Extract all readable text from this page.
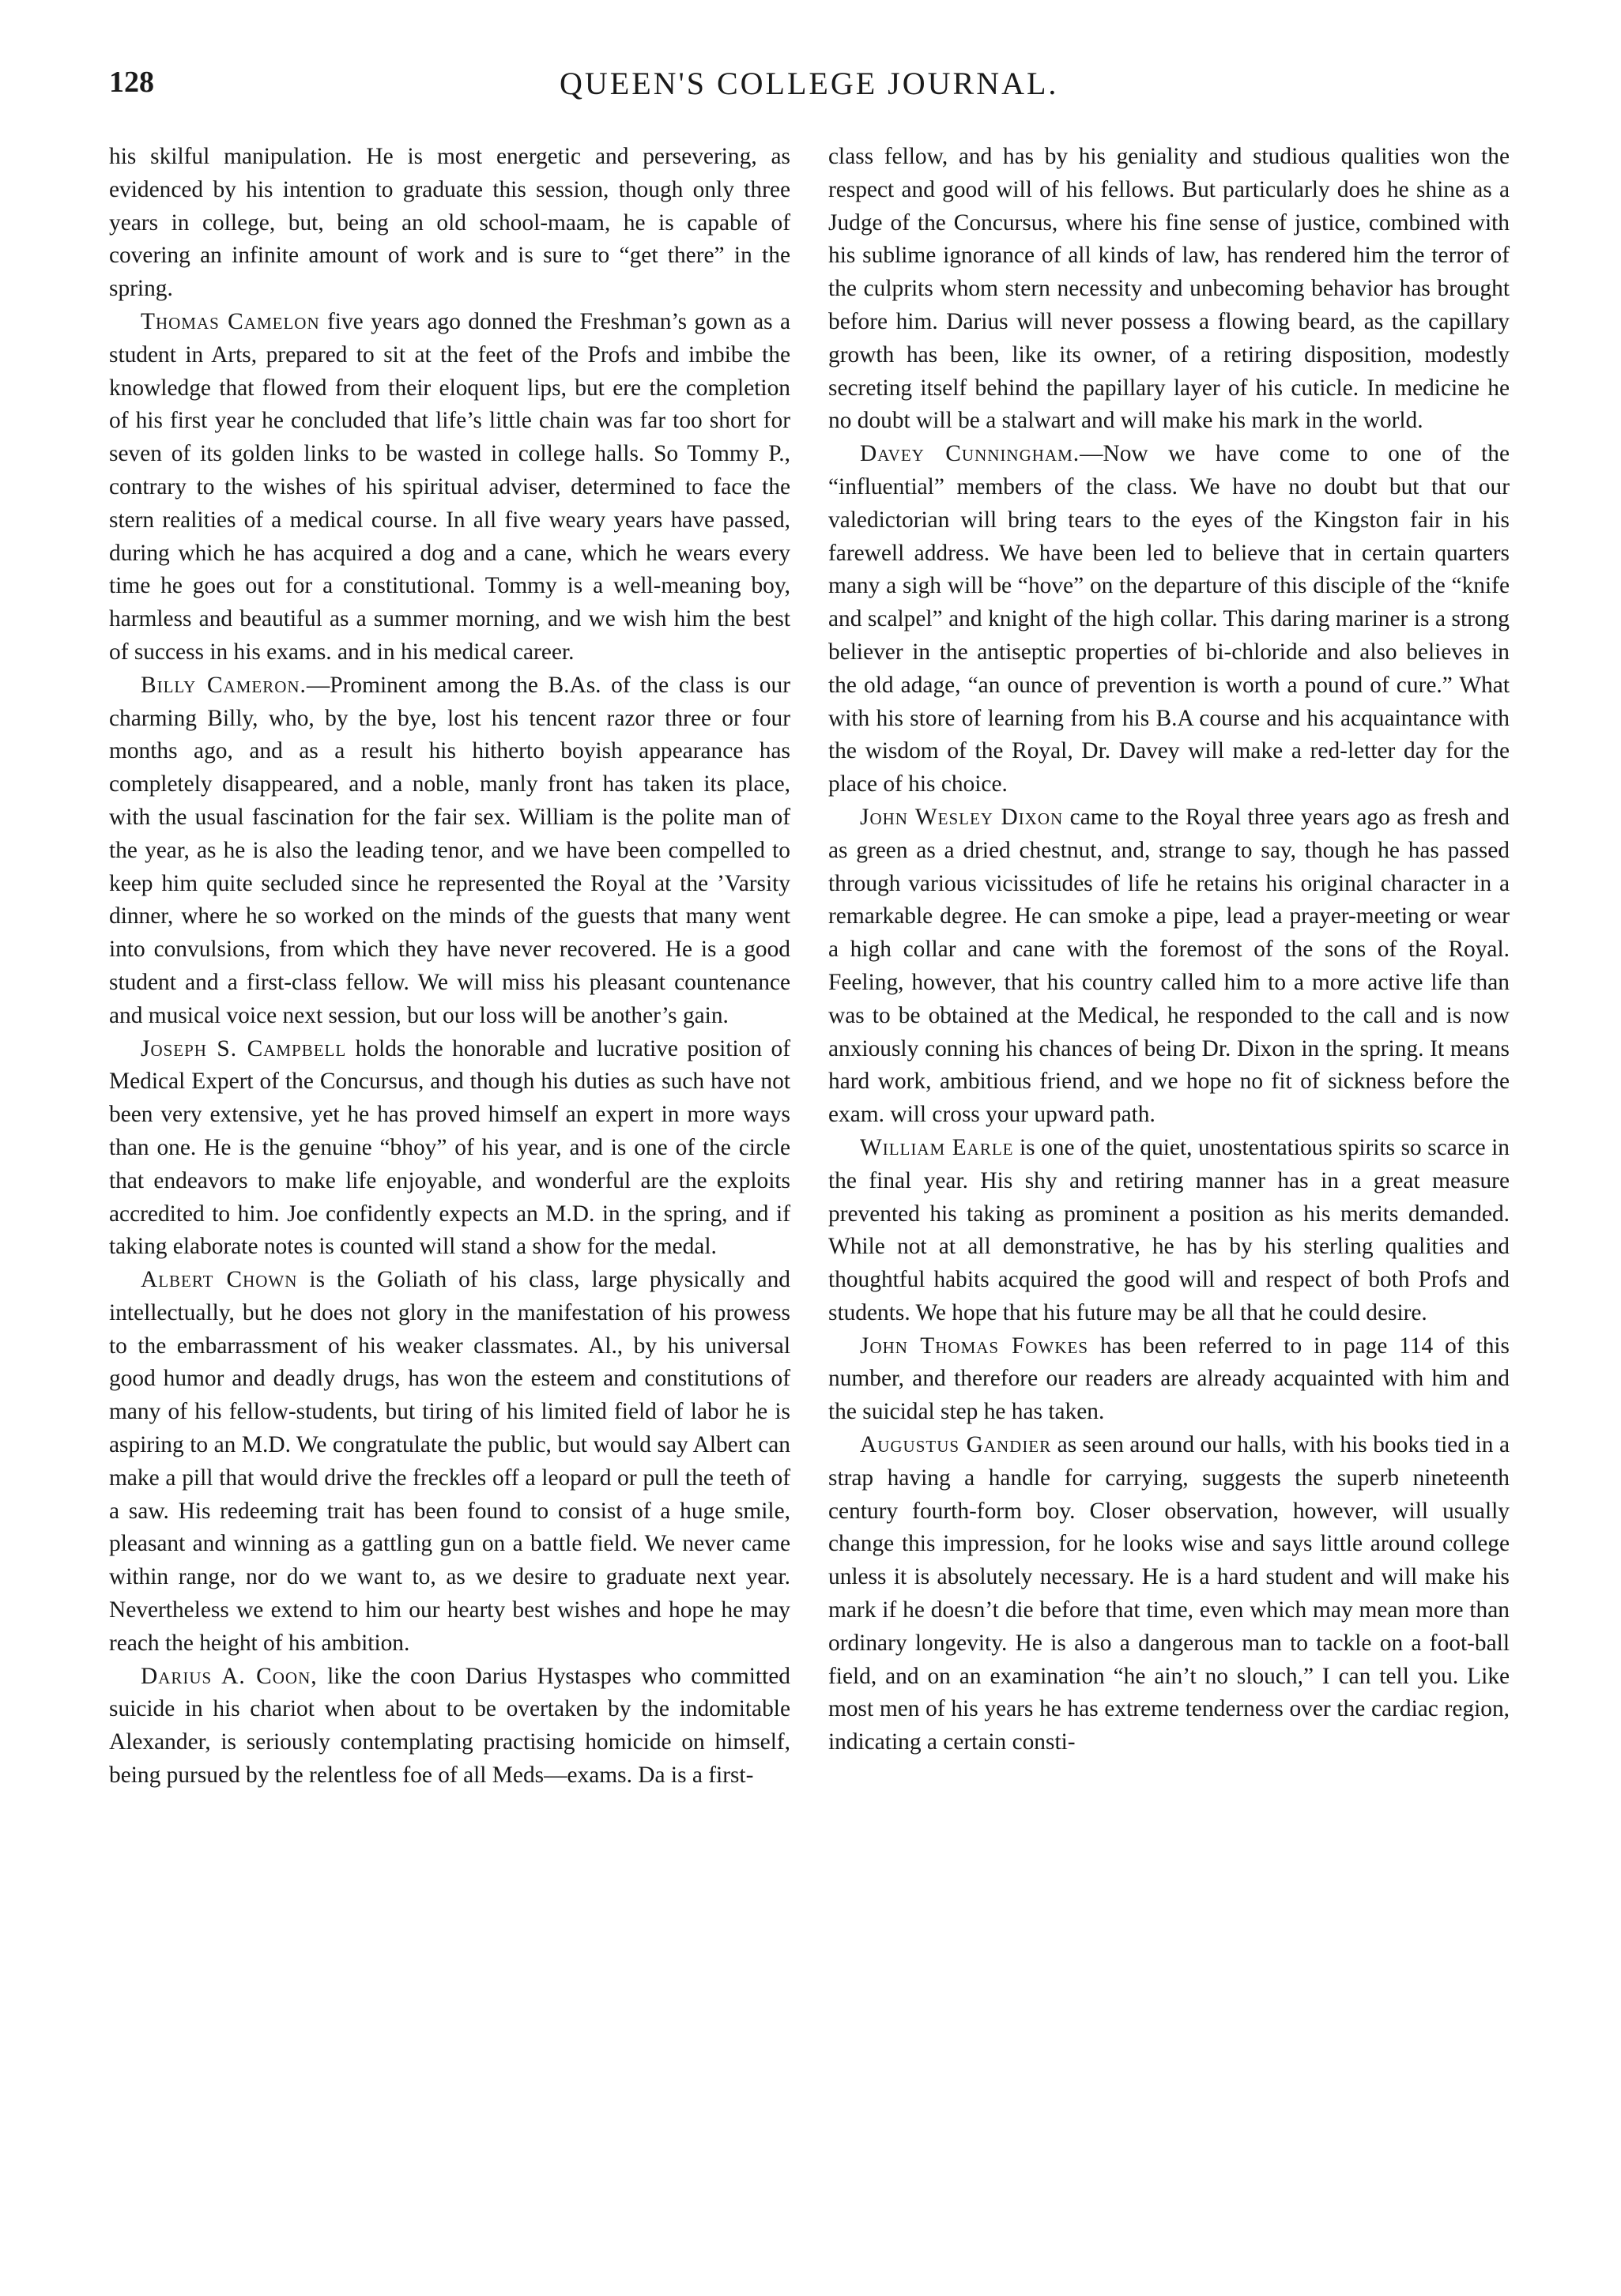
128	QUEEN'S COLLEGE JOURNAL.

his skilful manipulation. He is most energetic and persevering, as evidenced by his intention to graduate this session, though only three years in college, but, being an old school-maam, he is capable of covering an infinite amount of work and is sure to “get there” in the spring.

Thomas Camelon five years ago donned the Freshman’s gown as a student in Arts, prepared to sit at the feet of the Profs and imbibe the knowledge that flowed from their eloquent lips, but ere the completion of his first year he concluded that life’s little chain was far too short for seven of its golden links to be wasted in college halls. So Tommy P., contrary to the wishes of his spiritual adviser, determined to face the stern realities of a medical course. In all five weary years have passed, during which he has acquired a dog and a cane, which he wears every time he goes out for a constitutional. Tommy is a well-meaning boy, harmless and beautiful as a summer morning, and we wish him the best of success in his exams. and in his medical career.

Billy Cameron.—Prominent among the B.As. of the class is our charming Billy, who, by the bye, lost his tencent razor three or four months ago, and as a result his hitherto boyish appearance has completely disappeared, and a noble, manly front has taken its place, with the usual fascination for the fair sex. William is the polite man of the year, as he is also the leading tenor, and we have been compelled to keep him quite secluded since he represented the Royal at the ’Varsity dinner, where he so worked on the minds of the guests that many went into convulsions, from which they have never recovered. He is a good student and a first-class fellow. We will miss his pleasant countenance and musical voice next session, but our loss will be another’s gain.

Joseph S. Campbell holds the honorable and lucrative position of Medical Expert of the Concursus, and though his duties as such have not been very extensive, yet he has proved himself an expert in more ways than one. He is the genuine “bhoy” of his year, and is one of the circle that endeavors to make life enjoyable, and wonderful are the exploits accredited to him. Joe confidently expects an M.D. in the spring, and if taking elaborate notes is counted will stand a show for the medal.

Albert Chown is the Goliath of his class, large physically and intellectually, but he does not glory in the manifestation of his prowess to the embarrassment of his weaker classmates. Al., by his universal good humor and deadly drugs, has won the esteem and constitutions of many of his fellow-students, but tiring of his limited field of labor he is aspiring to an M.D. We congratulate the public, but would say Albert can make a pill that would drive the freckles off a leopard or pull the teeth of a saw. His redeeming trait has been found to consist of a huge smile, pleasant and winning as a gattling gun on a battle field. We never came within range, nor do we want to, as we desire to graduate next year. Nevertheless we extend to him our hearty best wishes and hope he may reach the height of his ambition.

Darius A. Coon, like the coon Darius Hystaspes who committed suicide in his chariot when about to be overtaken by the indomitable Alexander, is seriously contemplating practising homicide on himself, being pursued by the relentless foe of all Meds—exams. Da is a first-

class fellow, and has by his geniality and studious qualities won the respect and good will of his fellows. But particularly does he shine as a Judge of the Concursus, where his fine sense of justice, combined with his sublime ignorance of all kinds of law, has rendered him the terror of the culprits whom stern necessity and unbecoming behavior has brought before him. Darius will never possess a flowing beard, as the capillary growth has been, like its owner, of a retiring disposition, modestly secreting itself behind the papillary layer of his cuticle. In medicine he no doubt will be a stalwart and will make his mark in the world.

Davey Cunningham.—Now we have come to one of the “influential” members of the class. We have no doubt but that our valedictorian will bring tears to the eyes of the Kingston fair in his farewell address. We have been led to believe that in certain quarters many a sigh will be “hove” on the departure of this disciple of the “knife and scalpel” and knight of the high collar. This daring mariner is a strong believer in the antiseptic properties of bi-chloride and also believes in the old adage, “an ounce of prevention is worth a pound of cure.” What with his store of learning from his B.A course and his acquaintance with the wisdom of the Royal, Dr. Davey will make a red-letter day for the place of his choice.

John Wesley Dixon came to the Royal three years ago as fresh and as green as a dried chestnut, and, strange to say, though he has passed through various vicissitudes of life he retains his original character in a remarkable degree. He can smoke a pipe, lead a prayer-meeting or wear a high collar and cane with the foremost of the sons of the Royal. Feeling, however, that his country called him to a more active life than was to be obtained at the Medical, he responded to the call and is now anxiously conning his chances of being Dr. Dixon in the spring. It means hard work, ambitious friend, and we hope no fit of sickness before the exam. will cross your upward path.

William Earle is one of the quiet, unostentatious spirits so scarce in the final year. His shy and retiring manner has in a great measure prevented his taking as prominent a position as his merits demanded. While not at all demonstrative, he has by his sterling qualities and thoughtful habits acquired the good will and respect of both Profs and students. We hope that his future may be all that he could desire.

John Thomas Fowkes has been referred to in page 114 of this number, and therefore our readers are already acquainted with him and the suicidal step he has taken.

Augustus Gandier as seen around our halls, with his books tied in a strap having a handle for carrying, suggests the superb nineteenth century fourth-form boy. Closer observation, however, will usually change this impression, for he looks wise and says little around college unless it is absolutely necessary. He is a hard student and will make his mark if he doesn’t die before that time, even which may mean more than ordinary longevity. He is also a dangerous man to tackle on a foot-ball field, and on an examination “he ain’t no slouch,” I can tell you. Like most men of his years he has extreme tenderness over the cardiac region, indicating a certain consti-
